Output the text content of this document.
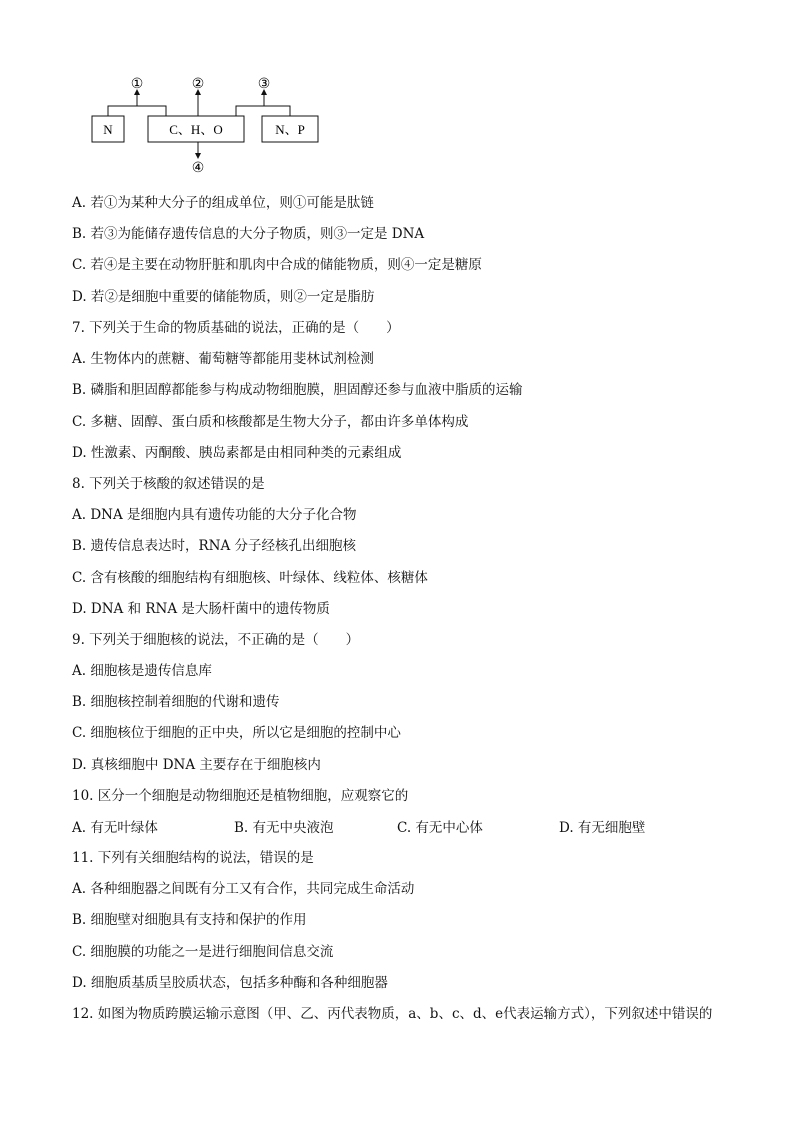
N	C、H、O	N、P
①	②	③
④
A. 若①为某种大分子的组成单位，则①可能是肽链
B. 若③为能储存遗传信息的大分子物质，则③一定是 DNA
C. 若④是主要在动物肝脏和肌肉中合成的储能物质，则④一定是糖原
D. 若②是细胞中重要的储能物质，则②一定是脂肪
7. 下列关于生命的物质基础的说法，正确的是（　　）
A. 生物体内的蔗糖、葡萄糖等都能用斐林试剂检测
B. 磷脂和胆固醇都能参与构成动物细胞膜，胆固醇还参与血液中脂质的运输
C. 多糖、固醇、蛋白质和核酸都是生物大分子，都由许多单体构成
D. 性激素、丙酮酸、胰岛素都是由相同种类的元素组成
8. 下列关于核酸的叙述错误的是
A. DNA 是细胞内具有遗传功能的大分子化合物
B. 遗传信息表达时，RNA 分子经核孔出细胞核
C. 含有核酸的细胞结构有细胞核、叶绿体、线粒体、核糖体
D. DNA 和 RNA 是大肠杆菌中的遗传物质
9. 下列关于细胞核的说法，不正确的是（　　）
A. 细胞核是遗传信息库
B. 细胞核控制着细胞的代谢和遗传
C. 细胞核位于细胞的正中央，所以它是细胞的控制中心
D. 真核细胞中 DNA 主要存在于细胞核内
10. 区分一个细胞是动物细胞还是植物细胞，应观察它的
A. 有无叶绿体	B. 有无中央液泡	C. 有无中心体	D. 有无细胞壁
11. 下列有关细胞结构的说法，错误的是
A. 各种细胞器之间既有分工又有合作，共同完成生命活动
B. 细胞壁对细胞具有支持和保护的作用
C. 细胞膜的功能之一是进行细胞间信息交流
D. 细胞质基质呈胶质状态，包括多种酶和各种细胞器
12. 如图为物质跨膜运输示意图（甲、乙、丙代表物质，a、b、c、d、e代表运输方式），下列叙述中错误的
